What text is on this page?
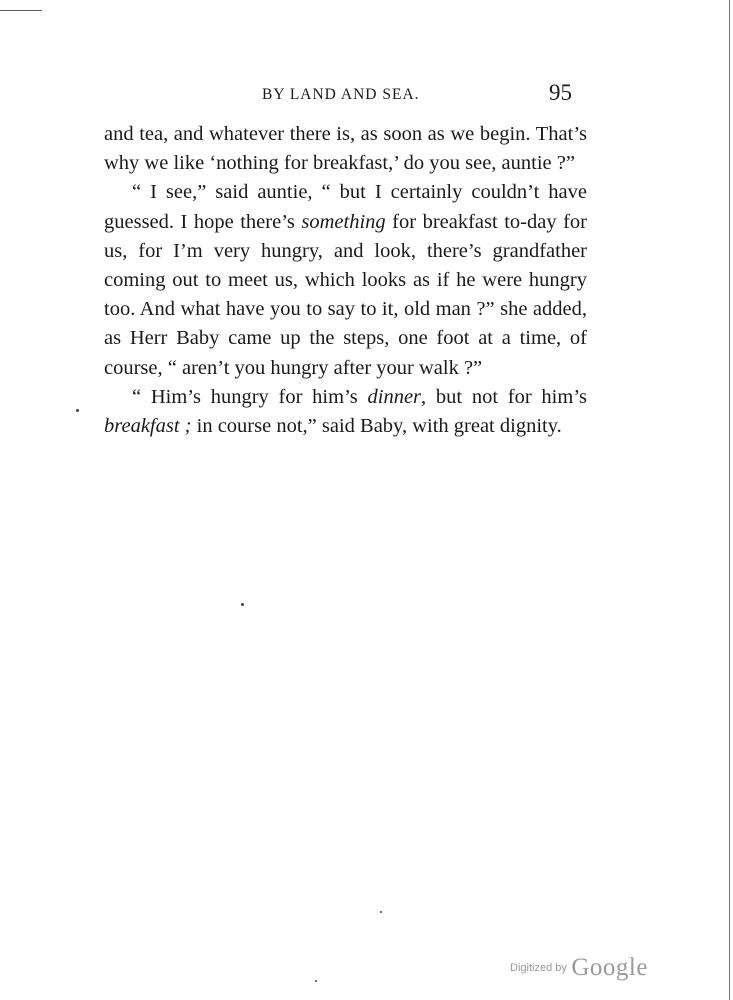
BY LAND AND SEA.	95

and tea, and whatever there is, as soon as we begin. That’s why we like ‘nothing for breakfast,’ do you see, auntie ?”

“ I see,” said auntie, “ but I certainly couldn’t have guessed. I hope there’s something for breakfast to-day for us, for I’m very hungry, and look, there’s grandfather coming out to meet us, which looks as if he were hungry too. And what have you to say to it, old man ?” she added, as Herr Baby came up the steps, one foot at a time, of course, “ aren’t you hungry after your walk ?”

“ Him’s hungry for him’s dinner, but not for him’s breakfast ; in course not,” said Baby, with great dignity.

Digitized by Google
